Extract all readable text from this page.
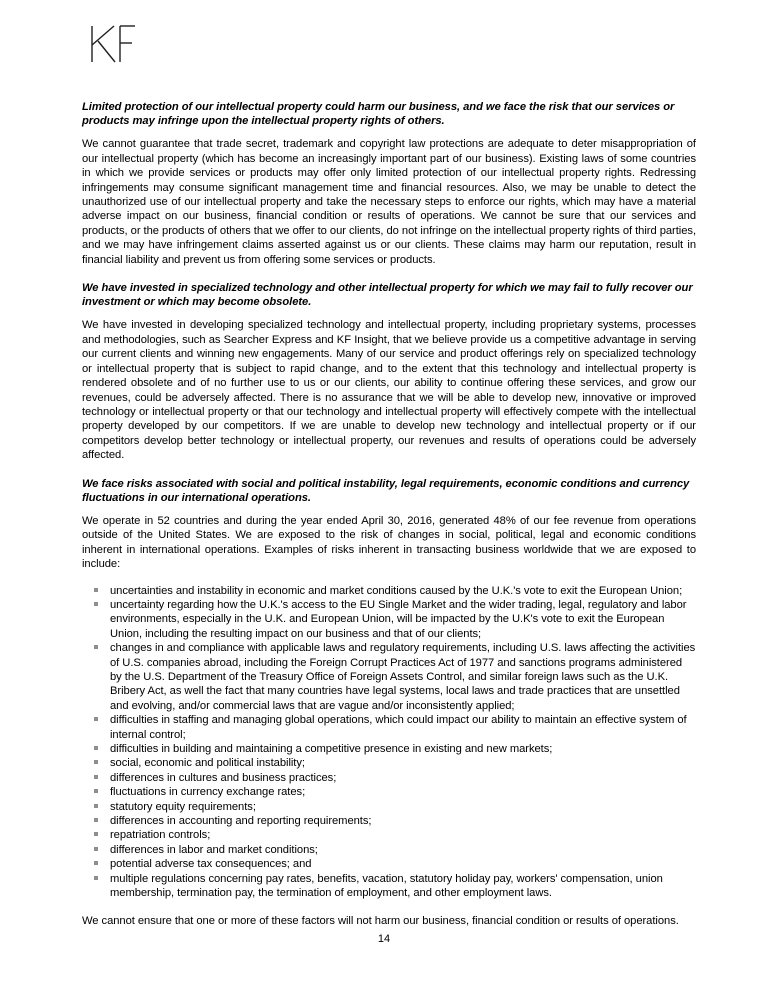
Limited protection of our intellectual property could harm our business, and we face the risk that our services or products may infringe upon the intellectual property rights of others.

We cannot guarantee that trade secret, trademark and copyright law protections are adequate to deter misappropriation of our intellectual property (which has become an increasingly important part of our business). Existing laws of some countries in which we provide services or products may offer only limited protection of our intellectual property rights. Redressing infringements may consume significant management time and financial resources. Also, we may be unable to detect the unauthorized use of our intellectual property and take the necessary steps to enforce our rights, which may have a material adverse impact on our business, financial condition or results of operations. We cannot be sure that our services and products, or the products of others that we offer to our clients, do not infringe on the intellectual property rights of third parties, and we may have infringement claims asserted against us or our clients. These claims may harm our reputation, result in financial liability and prevent us from offering some services or products.

We have invested in specialized technology and other intellectual property for which we may fail to fully recover our investment or which may become obsolete.

We have invested in developing specialized technology and intellectual property, including proprietary systems, processes and methodologies, such as Searcher Express and KF Insight, that we believe provide us a competitive advantage in serving our current clients and winning new engagements. Many of our service and product offerings rely on specialized technology or intellectual property that is subject to rapid change, and to the extent that this technology and intellectual property is rendered obsolete and of no further use to us or our clients, our ability to continue offering these services, and grow our revenues, could be adversely affected. There is no assurance that we will be able to develop new, innovative or improved technology or intellectual property or that our technology and intellectual property will effectively compete with the intellectual property developed by our competitors. If we are unable to develop new technology and intellectual property or if our competitors develop better technology or intellectual property, our revenues and results of operations could be adversely affected.

We face risks associated with social and political instability, legal requirements, economic conditions and currency fluctuations in our international operations.

We operate in 52 countries and during the year ended April 30, 2016, generated 48% of our fee revenue from operations outside of the United States. We are exposed to the risk of changes in social, political, legal and economic conditions inherent in international operations. Examples of risks inherent in transacting business worldwide that we are exposed to include:

uncertainties and instability in economic and market conditions caused by the U.K.'s vote to exit the European Union;
uncertainty regarding how the U.K.'s access to the EU Single Market and the wider trading, legal, regulatory and labor environments, especially in the U.K. and European Union, will be impacted by the U.K's vote to exit the European Union, including the resulting impact on our business and that of our clients;
changes in and compliance with applicable laws and regulatory requirements, including U.S. laws affecting the activities of U.S. companies abroad, including the Foreign Corrupt Practices Act of 1977 and sanctions programs administered by the U.S. Department of the Treasury Office of Foreign Assets Control, and similar foreign laws such as the U.K. Bribery Act, as well the fact that many countries have legal systems, local laws and trade practices that are unsettled and evolving, and/or commercial laws that are vague and/or inconsistently applied;
difficulties in staffing and managing global operations, which could impact our ability to maintain an effective system of internal control;
difficulties in building and maintaining a competitive presence in existing and new markets;
social, economic and political instability;
differences in cultures and business practices;
fluctuations in currency exchange rates;
statutory equity requirements;
differences in accounting and reporting requirements;
repatriation controls;
differences in labor and market conditions;
potential adverse tax consequences; and
multiple regulations concerning pay rates, benefits, vacation, statutory holiday pay, workers' compensation, union membership, termination pay, the termination of employment, and other employment laws.

We cannot ensure that one or more of these factors will not harm our business, financial condition or results of operations.

14
